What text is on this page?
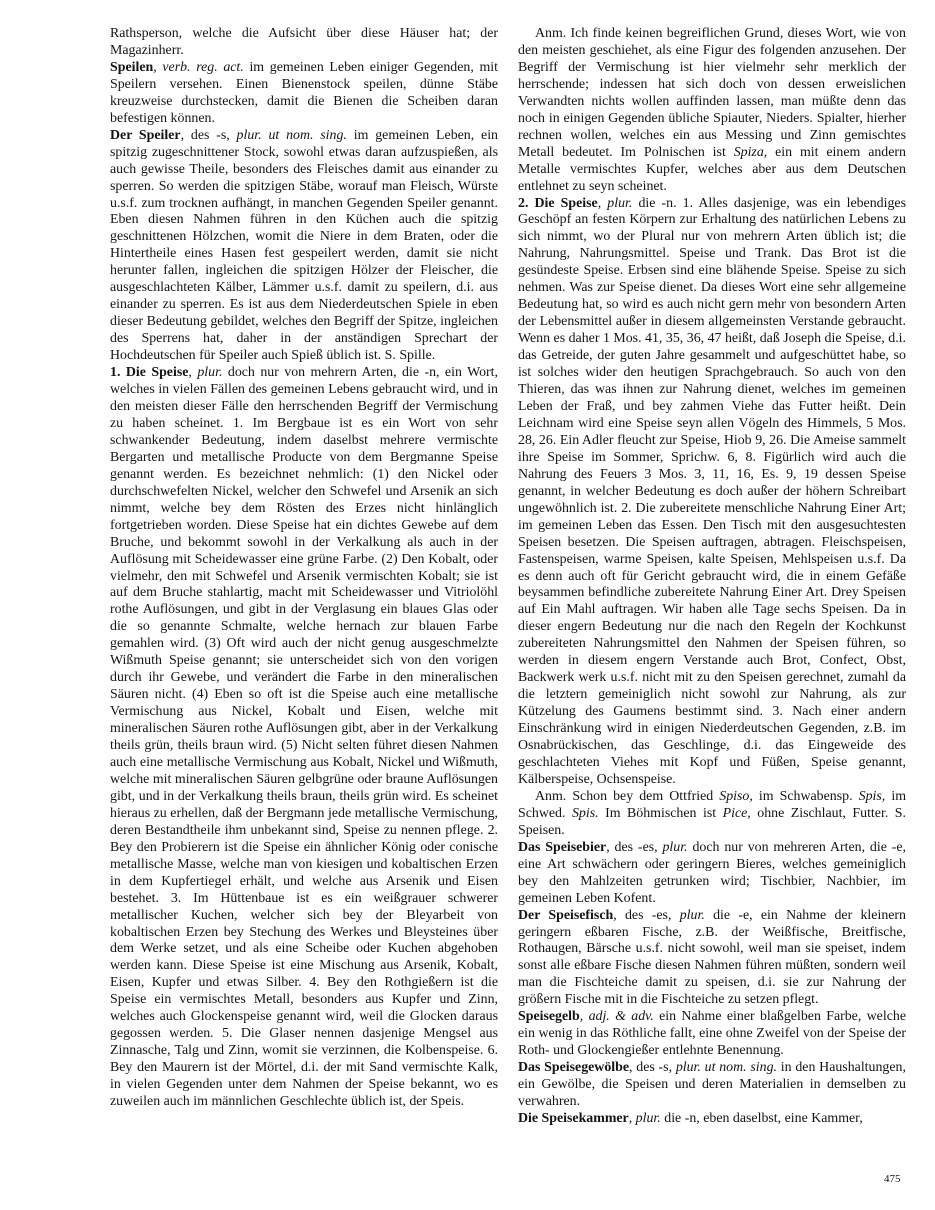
Rathsperson, welche die Aufsicht über diese Häuser hat; der Magazinherr.

Speilen, verb. reg. act. im gemeinen Leben einiger Gegenden, mit Speilern versehen. Einen Bienenstock speilen, dünne Stäbe kreuzweise durchstecken, damit die Bienen die Scheiben daran befestigen können.

Der Speiler, des -s, plur. ut nom. sing. im gemeinen Leben, ein spitzig zugeschnittener Stock, sowohl etwas daran aufzuspießen, als auch gewisse Theile, besonders des Fleisches damit aus einander zu sperren. So werden die spitzigen Stäbe, worauf man Fleisch, Würste u.s.f. zum trocknen aufhängt, in manchen Gegenden Speiler genannt. Eben diesen Nahmen führen in den Küchen auch die spitzig geschnittenen Hölzchen, womit die Niere in dem Braten, oder die Hintertheile eines Hasen fest gespeilert werden, damit sie nicht herunter fallen, ingleichen die spitzigen Hölzer der Fleischer, die ausgeschlachteten Kälber, Lämmer u.s.f. damit zu speilern, d.i. aus einander zu sperren. Es ist aus dem Niederdeutschen Spiele in eben dieser Bedeutung gebildet, welches den Begriff der Spitze, ingleichen des Sperrens hat, daher in der anständigen Sprechart der Hochdeutschen für Speiler auch Spieß üblich ist. S. Spille.

1. Die Speise, plur. doch nur von mehrern Arten, die -n, ein Wort, welches in vielen Fällen des gemeinen Lebens gebraucht wird, und in den meisten dieser Fälle den herrschenden Begriff der Vermischung zu haben scheinet. 1. Im Bergbaue ist es ein Wort von sehr schwankender Bedeutung, indem daselbst mehrere vermischte Bergarten und metallische Producte von dem Bergmanne Speise genannt werden. Es bezeichnet nehmlich: (1) den Nickel oder durchschwefelten Nickel, welcher den Schwefel und Arsenik an sich nimmt, welche bey dem Rösten des Erzes nicht hinlänglich fortgetrieben worden. Diese Speise hat ein dichtes Gewebe auf dem Bruche, und bekommt sowohl in der Verkalkung als auch in der Auflösung mit Scheidewasser eine grüne Farbe. (2) Den Kobalt, oder vielmehr, den mit Schwefel und Arsenik vermischten Kobalt; sie ist auf dem Bruche stahlartig, macht mit Scheidewasser und Vitriolöhl rothe Auflösungen, und gibt in der Verglasung ein blaues Glas oder die so genannte Schmalte, welche hernach zur blauen Farbe gemahlen wird. (3) Oft wird auch der nicht genug ausgeschmelzte Wißmuth Speise genannt; sie unterscheidet sich von den vorigen durch ihr Gewebe, und verändert die Farbe in den mineralischen Säuren nicht. (4) Eben so oft ist die Speise auch eine metallische Vermischung aus Nickel, Kobalt und Eisen, welche mit mineralischen Säuren rothe Auflösungen gibt, aber in der Verkalkung theils grün, theils braun wird. (5) Nicht selten führet diesen Nahmen auch eine metallische Vermischung aus Kobalt, Nickel und Wißmuth, welche mit mineralischen Säuren gelbgrüne oder braune Auflösungen gibt, und in der Verkalkung theils braun, theils grün wird. Es scheinet hieraus zu erhellen, daß der Bergmann jede metallische Vermischung, deren Bestandtheile ihm unbekannt sind, Speise zu nennen pflege. 2. Bey den Probierern ist die Speise ein ähnlicher König oder conische metallische Masse, welche man von kiesigen und kobaltischen Erzen in dem Kupfertiegel erhält, und welche aus Arsenik und Eisen bestehet. 3. Im Hüttenbaue ist es ein weißgrauer schwerer metallischer Kuchen, welcher sich bey der Bleyarbeit von kobaltischen Erzen bey Stechung des Werkes und Bleysteines über dem Werke setzet, und als eine Scheibe oder Kuchen abgehoben werden kann. Diese Speise ist eine Mischung aus Arsenik, Kobalt, Eisen, Kupfer und etwas Silber. 4. Bey den Rothgießern ist die Speise ein vermischtes Metall, besonders aus Kupfer und Zinn, welches auch Glockenspeise genannt wird, weil die Glocken daraus gegossen werden. 5. Die Glaser nennen dasjenige Mengsel aus Zinnasche, Talg und Zinn, womit sie verzinnen, die Kolbenspeise. 6. Bey den Maurern ist der Mörtel, d.i. der mit Sand vermischte Kalk, in vielen Gegenden unter dem Nahmen der Speise bekannt, wo es zuweilen auch im männlichen Geschlechte üblich ist, der Speis.

Anm. Ich finde keinen begreiflichen Grund, dieses Wort, wie von den meisten geschiehet, als eine Figur des folgenden anzusehen. Der Begriff der Vermischung ist hier vielmehr sehr merklich der herrschende; indessen hat sich doch von dessen erweislichen Verwandten nichts wollen auffinden lassen, man müßte denn das noch in einigen Gegenden übliche Spiauter, Nieders. Spialter, hierher rechnen wollen, welches ein aus Messing und Zinn gemischtes Metall bedeutet. Im Polnischen ist Spiza, ein mit einem andern Metalle vermischtes Kupfer, welches aber aus dem Deutschen entlehnet zu seyn scheinet.

2. Die Speise, plur. die -n. 1. Alles dasjenige, was ein lebendiges Geschöpf an festen Körpern zur Erhaltung des natürlichen Lebens zu sich nimmt, wo der Plural nur von mehrern Arten üblich ist; die Nahrung, Nahrungsmittel. Speise und Trank. Das Brot ist die gesündeste Speise. Erbsen sind eine blähende Speise. Speise zu sich nehmen. Was zur Speise dienet. Da dieses Wort eine sehr allgemeine Bedeutung hat, so wird es auch nicht gern mehr von besondern Arten der Lebensmittel außer in diesem allgemeinsten Verstande gebraucht. Wenn es daher 1 Mos. 41, 35, 36, 47 heißt, daß Joseph die Speise, d.i. das Getreide, der guten Jahre gesammelt und aufgeschüttet habe, so ist solches wider den heutigen Sprachgebrauch. So auch von den Thieren, das was ihnen zur Nahrung dienet, welches im gemeinen Leben der Fraß, und bey zahmen Viehe das Futter heißt. Dein Leichnam wird eine Speise seyn allen Vögeln des Himmels, 5 Mos. 28, 26. Ein Adler fleucht zur Speise, Hiob 9, 26. Die Ameise sammelt ihre Speise im Sommer, Sprichw. 6, 8. Figürlich wird auch die Nahrung des Feuers 3 Mos. 3, 11, 16, Es. 9, 19 dessen Speise genannt, in welcher Bedeutung es doch außer der höhern Schreibart ungewöhnlich ist. 2. Die zubereitete menschliche Nahrung Einer Art; im gemeinen Leben das Essen. Den Tisch mit den ausgesuchtesten Speisen besetzen. Die Speisen auftragen, abtragen. Fleischspeisen, Fastenspeisen, warme Speisen, kalte Speisen, Mehlspeisen u.s.f. Da es denn auch oft für Gericht gebraucht wird, die in einem Gefäße beysammen befindliche zubereitete Nahrung Einer Art. Drey Speisen auf Ein Mahl auftragen. Wir haben alle Tage sechs Speisen. Da in dieser engern Bedeutung nur die nach den Regeln der Kochkunst zubereiteten Nahrungsmittel den Nahmen der Speisen führen, so werden in diesem engern Verstande auch Brot, Confect, Obst, Backwerk werk u.s.f. nicht mit zu den Speisen gerechnet, zumahl da die letztern gemeiniglich nicht sowohl zur Nahrung, als zur Kützelung des Gaumens bestimmt sind. 3. Nach einer andern Einschränkung wird in einigen Niederdeutschen Gegenden, z.B. im Osnabrückischen, das Geschlinge, d.i. das Eingeweide des geschlachteten Viehes mit Kopf und Füßen, Speise genannt, Kälberspeise, Ochsenspeise.

Anm. Schon bey dem Ottfried Spiso, im Schwabensp. Spis, im Schwed. Spis. Im Böhmischen ist Pice, ohne Zischlaut, Futter. S. Speisen.

Das Speisebier, des -es, plur. doch nur von mehreren Arten, die -e, eine Art schwächern oder geringern Bieres, welches gemeiniglich bey den Mahlzeiten getrunken wird; Tischbier, Nachbier, im gemeinen Leben Kofent.

Der Speisefisch, des -es, plur. die -e, ein Nahme der kleinern geringern eßbaren Fische, z.B. der Weißfische, Breitfische, Rothaugen, Bärsche u.s.f. nicht sowohl, weil man sie speiset, indem sonst alle eßbare Fische diesen Nahmen führen müßten, sondern weil man die Fischteiche damit zu speisen, d.i. sie zur Nahrung der größern Fische mit in die Fischteiche zu setzen pflegt.

Speisegelb, adj. & adv. ein Nahme einer blaßgelben Farbe, welche ein wenig in das Röthliche fallt, eine ohne Zweifel von der Speise der Roth- und Glockengießer entlehnte Benennung.

Das Speisegewölbe, des -s, plur. ut nom. sing. in den Haushaltungen, ein Gewölbe, die Speisen und deren Materialien in demselben zu verwahren.

Die Speisekammer, plur. die -n, eben daselbst, eine Kammer,

475
